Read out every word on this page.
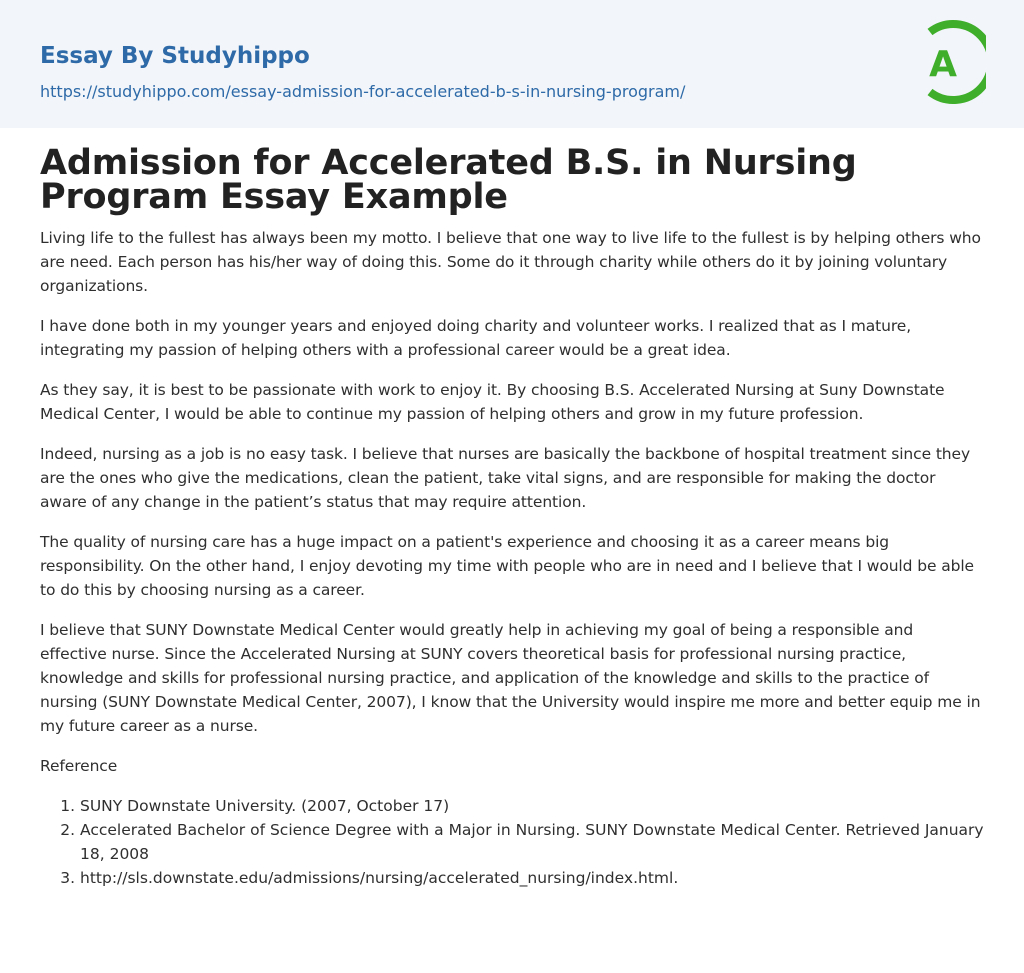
Essay By Studyhippo
https://studyhippo.com/essay-admission-for-accelerated-b-s-in-nursing-program/
A
Admission for Accelerated B.S. in Nursing Program Essay Example

Living life to the fullest has always been my motto. I believe that one way to live life to the fullest is by helping others who are need. Each person has his/her way of doing this. Some do it through charity while others do it by joining voluntary organizations.

I have done both in my younger years and enjoyed doing charity and volunteer works. I realized that as I mature, integrating my passion of helping others with a professional career would be a great idea.

As they say, it is best to be passionate with work to enjoy it. By choosing B.S. Accelerated Nursing at Suny Downstate Medical Center, I would be able to continue my passion of helping others and grow in my future profession.

Indeed, nursing as a job is no easy task. I believe that nurses are basically the backbone of hospital treatment since they are the ones who give the medications, clean the patient, take vital signs, and are responsible for making the doctor aware of any change in the patient’s status that may require attention.

The quality of nursing care has a huge impact on a patient's experience and choosing it as a career means big responsibility. On the other hand, I enjoy devoting my time with people who are in need and I believe that I would be able to do this by choosing nursing as a career.

I believe that SUNY Downstate Medical Center would greatly help in achieving my goal of being a responsible and effective nurse. Since the Accelerated Nursing at SUNY covers theoretical basis for professional nursing practice, knowledge and skills for professional nursing practice, and application of the knowledge and skills to the practice of nursing (SUNY Downstate Medical Center, 2007), I know that the University would inspire me more and better equip me in my future career as a nurse.

Reference

1. SUNY Downstate University. (2007, October 17)
2. Accelerated Bachelor of Science Degree with a Major in Nursing. SUNY Downstate Medical Center. Retrieved January 18, 2008
3. http://sls.downstate.edu/admissions/nursing/accelerated_nursing/index.html.
